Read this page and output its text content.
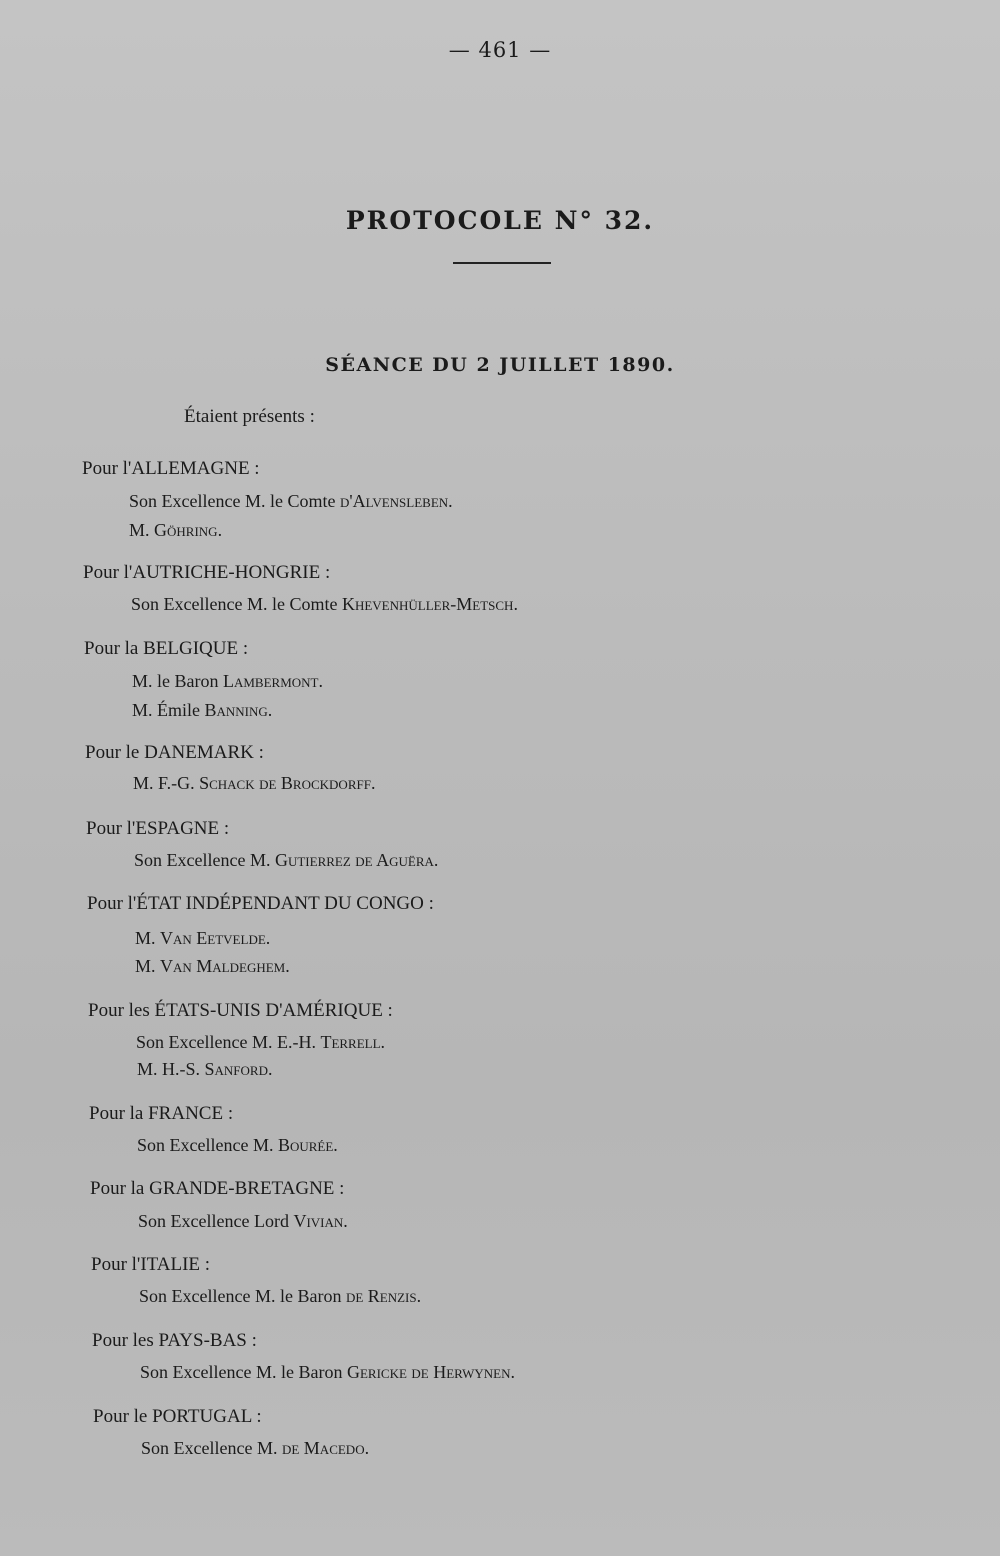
— 461 —
PROTOCOLE N° 32.
SÉANCE DU 2 JUILLET 1890.
Étaient présents :
Pour l'ALLEMAGNE :
Son Excellence M. le Comte d'Alvensleben.
M. Göhring.
Pour l'AUTRICHE-HONGRIE :
Son Excellence M. le Comte Khevenhüller-Metsch.
Pour la BELGIQUE :
M. le Baron Lambermont.
M. Émile Banning.
Pour le DANEMARK :
M. F.-G. Schack de Brockdorff.
Pour l'ESPAGNE :
Son Excellence M. Gutierrez de Aguëra.
Pour l'ÉTAT INDÉPENDANT DU CONGO :
M. Van Eetvelde.
M. Van Maldeghem.
Pour les ÉTATS-UNIS D'AMÉRIQUE :
Son Excellence M. E.-H. Terrell.
M. H.-S. Sanford.
Pour la FRANCE :
Son Excellence M. Bourée.
Pour la GRANDE-BRETAGNE :
Son Excellence Lord Vivian.
Pour l'ITALIE :
Son Excellence M. le Baron de Renzis.
Pour les PAYS-BAS :
Son Excellence M. le Baron Gericke de Herwynen.
Pour le PORTUGAL :
Son Excellence M. de Macedo.
